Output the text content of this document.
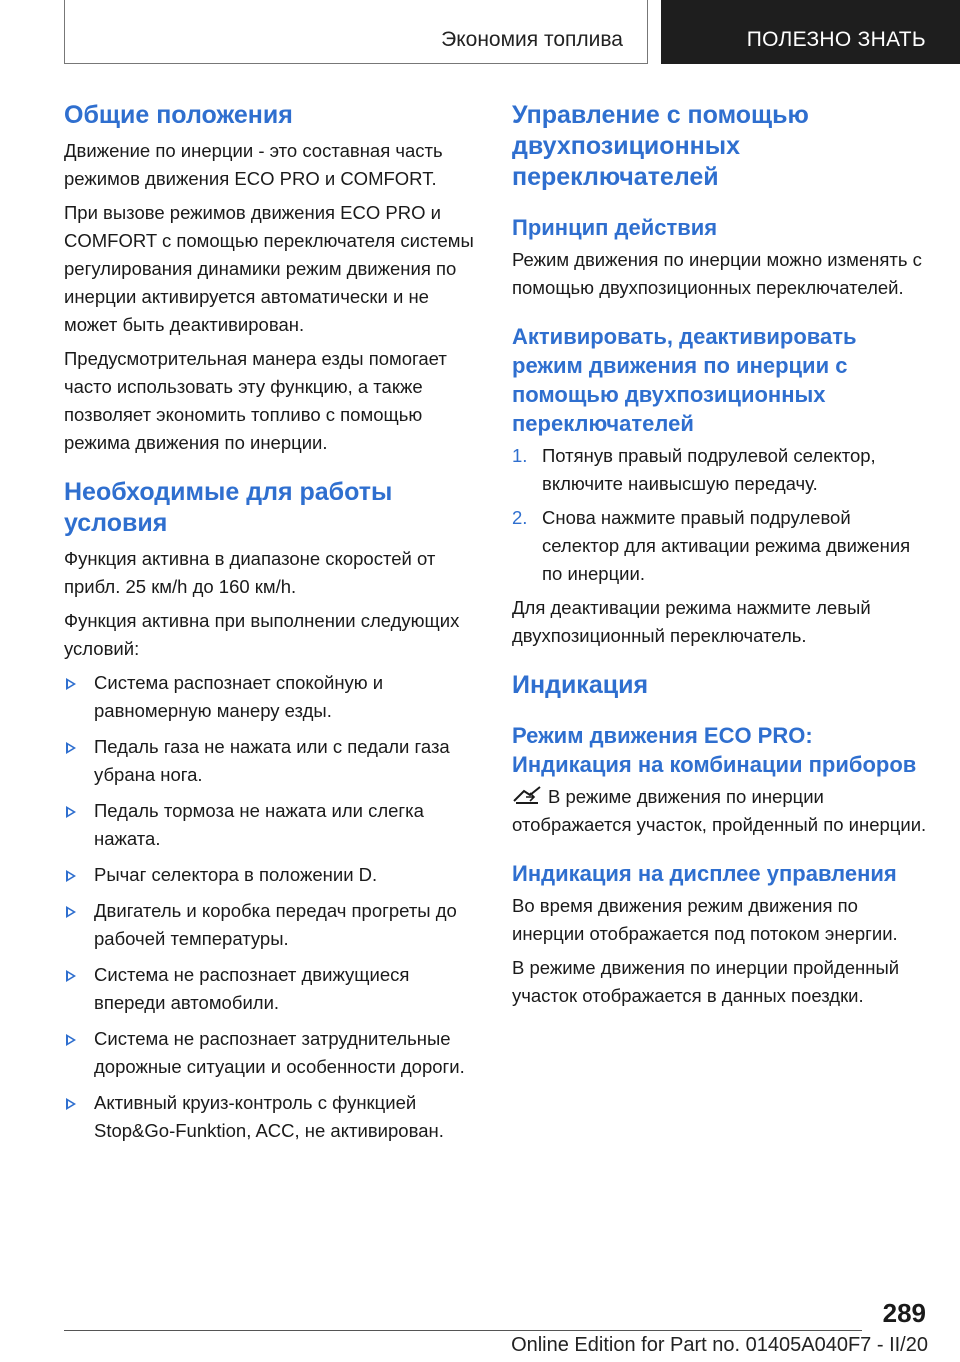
Экономия топлива	ПОЛЕЗНО ЗНАТЬ
Общие положения
Движение по инерции - это составная часть режимов движения ECO PRO и COMFORT.
При вызове режимов движения ECO PRO и COMFORT с помощью переключателя системы регулирования динамики режим движения по инерции активируется автоматически и не может быть деактивирован.
Предусмотрительная манера езды помогает часто использовать эту функцию, а также позволяет экономить топливо с помощью режима движения по инерции.
Необходимые для работы условия
Функция активна в диапазоне скоростей от прибл. 25 км/h до 160 км/h.
Функция активна при выполнении следующих условий:
Система распознает спокойную и равномерную манеру езды.
Педаль газа не нажата или с педали газа убрана нога.
Педаль тормоза не нажата или слегка нажата.
Рычаг селектора в положении D.
Двигатель и коробка передач прогреты до рабочей температуры.
Система не распознает движущиеся впереди автомобили.
Система не распознает затруднительные дорожные ситуации и особенности дороги.
Активный круиз-контроль с функцией Stop&Go-Funktion, ACC, не активирован.
Управление с помощью двухпозиционных переключателей
Принцип действия
Режим движения по инерции можно изменять с помощью двухпозиционных переключателей.
Активировать, деактивировать режим движения по инерции с помощью двухпозиционных переключателей
1. Потянув правый подрулевой селектор, включите наивысшую передачу.
2. Снова нажмите правый подрулевой селектор для активации режима движения по инерции.
Для деактивации режима нажмите левый двухпозиционный переключатель.
Индикация
Режим движения ECO PRO: Индикация на комбинации приборов
В режиме движения по инерции отображается участок, пройденный по инерции.
Индикация на дисплее управления
Во время движения режим движения по инерции отображается под потоком энергии.
В режиме движения по инерции пройденный участок отображается в данных поездки.
289
Online Edition for Part no. 01405A040F7 - II/20
